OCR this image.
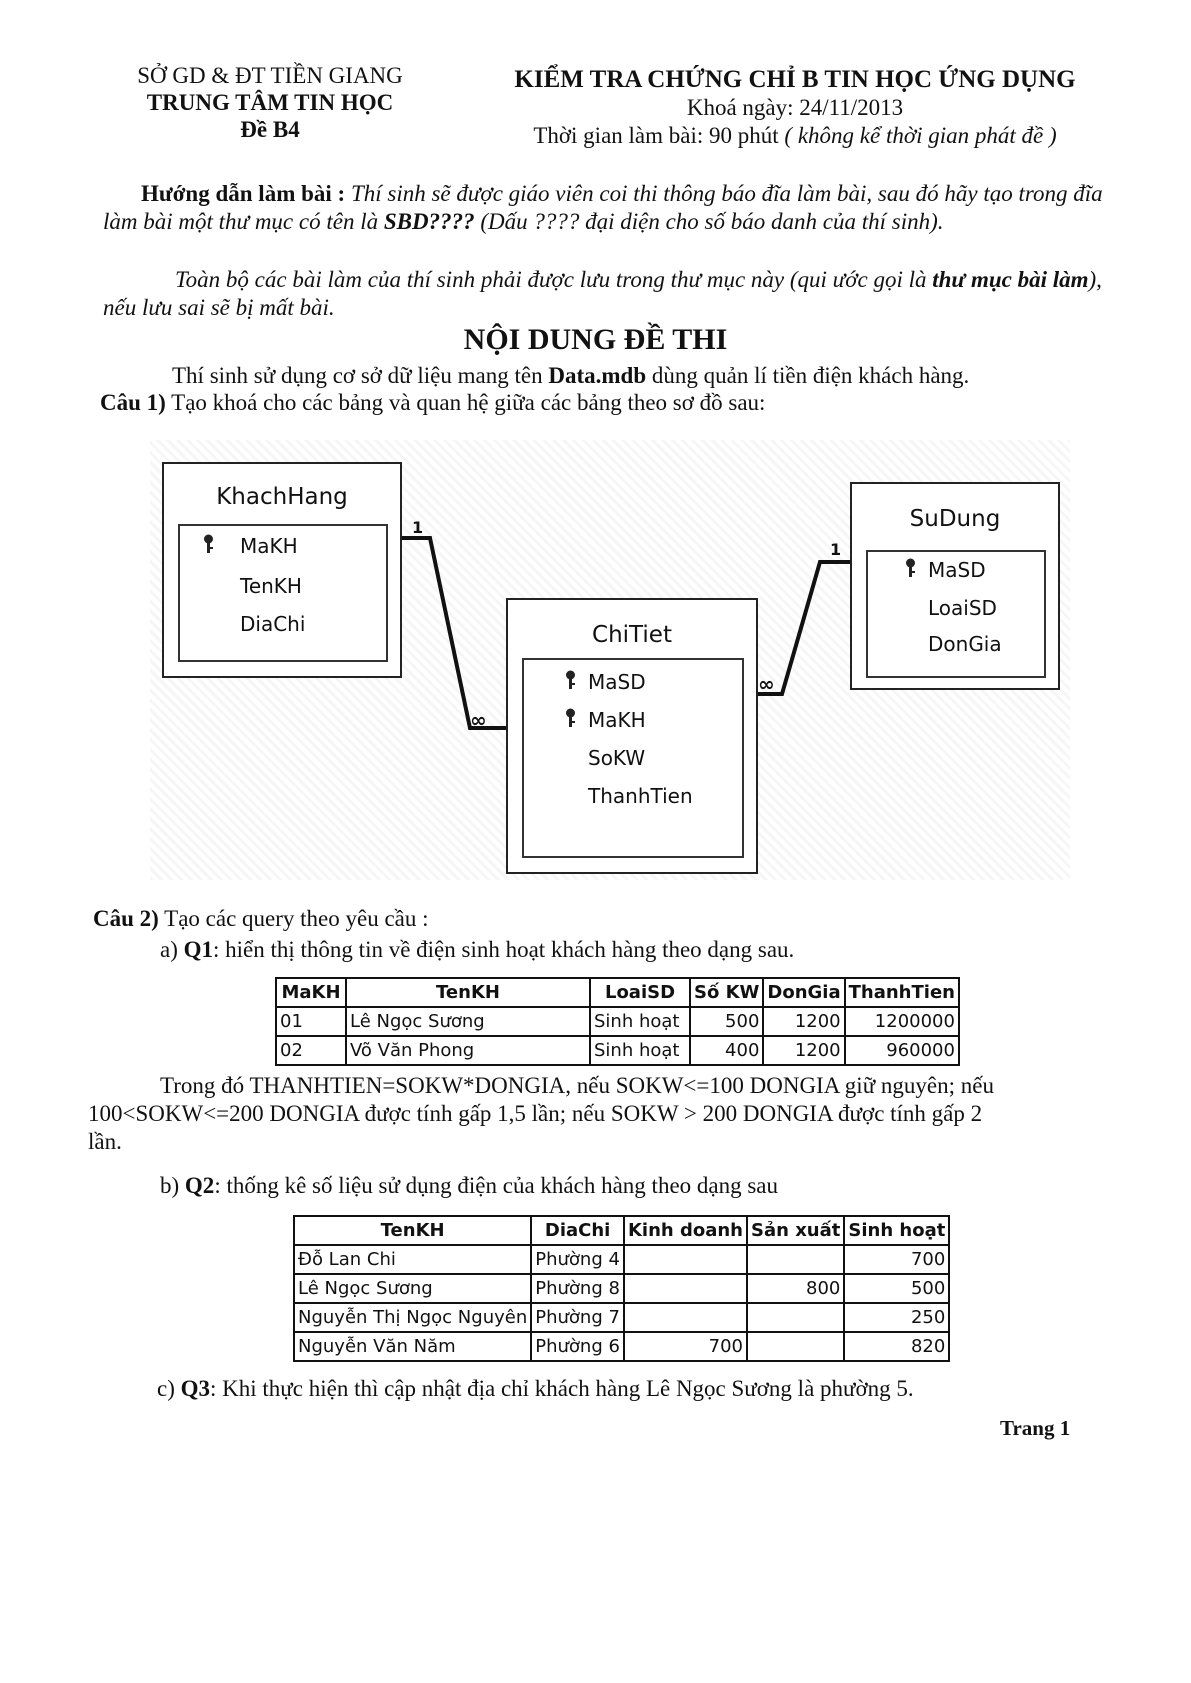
SỞ GD & ĐT TIỀN GIANG
TRUNG TÂM TIN HỌC
Đề B4
KIỂM TRA CHỨNG CHỈ B TIN HỌC ỨNG DỤNG
Khoá ngày: 24/11/2013
Thời gian làm bài: 90 phút ( không kể thời gian phát đề )
Hướng dẫn làm bài : Thí sinh sẽ được giáo viên coi thi thông báo đĩa làm bài, sau đó hãy tạo trong đĩa làm bài một thư mục có tên là SBD???? (Dấu ???? đại diện cho số báo danh của thí sinh).
Toàn bộ các bài làm của thí sinh phải được lưu trong thư mục này (qui ước gọi là thư mục bài làm), nếu lưu sai sẽ bị mất bài.
NỘI DUNG ĐỀ THI
Thí sinh sử dụng cơ sở dữ liệu mang tên Data.mdb dùng quản lí tiền điện khách hàng.
Câu 1) Tạo khoá cho các bảng và quan hệ giữa các bảng theo sơ đồ sau:
1
∞
1
∞
KhachHang
MaKH
TenKH
DiaChi	ChiTiet
MaSD
MaKH
SoKW
ThanhTien
SuDung
MaSD
LoaiSD
DonGia
Câu 2) Tạo các query theo yêu cầu :
a) Q1: hiển thị thông tin về điện sinh hoạt khách hàng theo dạng sau.
MaKH	TenKH	LoaiSD	Số KW	DonGia	ThanhTien
01	Lê Ngọc Sương	Sinh hoạt	500	1200	1200000
02	Võ Văn Phong	Sinh hoạt	400	1200	960000
Trong đó THANHTIEN=SOKW*DONGIA, nếu SOKW<=100 DONGIA giữ nguyên; nếu
100<SOKW<=200 DONGIA được tính gấp 1,5 lần; nếu SOKW > 200 DONGIA được tính gấp 2
lần.
b) Q2: thống kê số liệu sử dụng điện của khách hàng theo dạng sau
TenKH	DiaChi	Kinh doanh	Sản xuất	Sinh hoạt
Đỗ Lan Chi	Phường 4			700
Lê Ngọc Sương	Phường 8		800	500
Nguyễn Thị Ngọc Nguyên	Phường 7			250
Nguyễn Văn Năm	Phường 6	700		820
c) Q3: Khi thực hiện thì cập nhật địa chỉ khách hàng Lê Ngọc Sương là phường 5.
Trang 1
